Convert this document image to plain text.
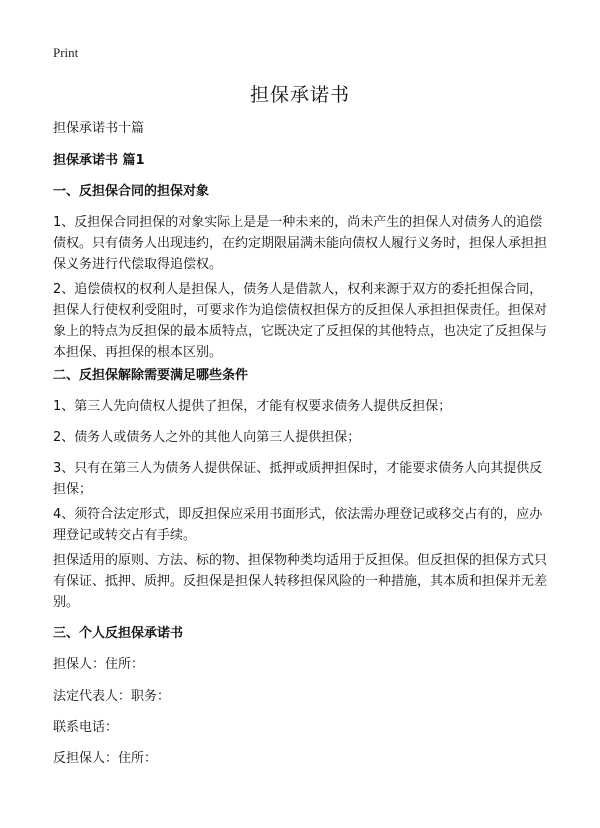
Print
担保承诺书

担保承诺书十篇

担保承诺书 篇1

一、反担保合同的担保对象

1、反担保合同担保的对象实际上是是一种未来的，尚未产生的担保人对债务人的追偿债权。只有债务人出现违约，在约定期限届满未能向债权人履行义务时，担保人承担担保义务进行代偿取得追偿权。

2、追偿债权的权利人是担保人，债务人是借款人，权利来源于双方的委托担保合同，担保人行使权利受阻时，可要求作为追偿债权担保方的反担保人承担担保责任。担保对象上的特点为反担保的最本质特点，它既决定了反担保的其他特点，也决定了反担保与本担保、再担保的根本区别。

二、反担保解除需要满足哪些条件

1、第三人先向债权人提供了担保，才能有权要求债务人提供反担保；

2、债务人或债务人之外的其他人向第三人提供担保；

3、只有在第三人为债务人提供保证、抵押或质押担保时，才能要求债务人向其提供反担保；

4、须符合法定形式，即反担保应采用书面形式，依法需办理登记或移交占有的，应办理登记或转交占有手续。

担保适用的原则、方法、标的物、担保物种类均适用于反担保。但反担保的担保方式只有保证、抵押、质押。反担保是担保人转移担保风险的一种措施，其本质和担保并无差别。

三、个人反担保承诺书

担保人：住所：

法定代表人：职务：

联系电话：

反担保人：住所：
